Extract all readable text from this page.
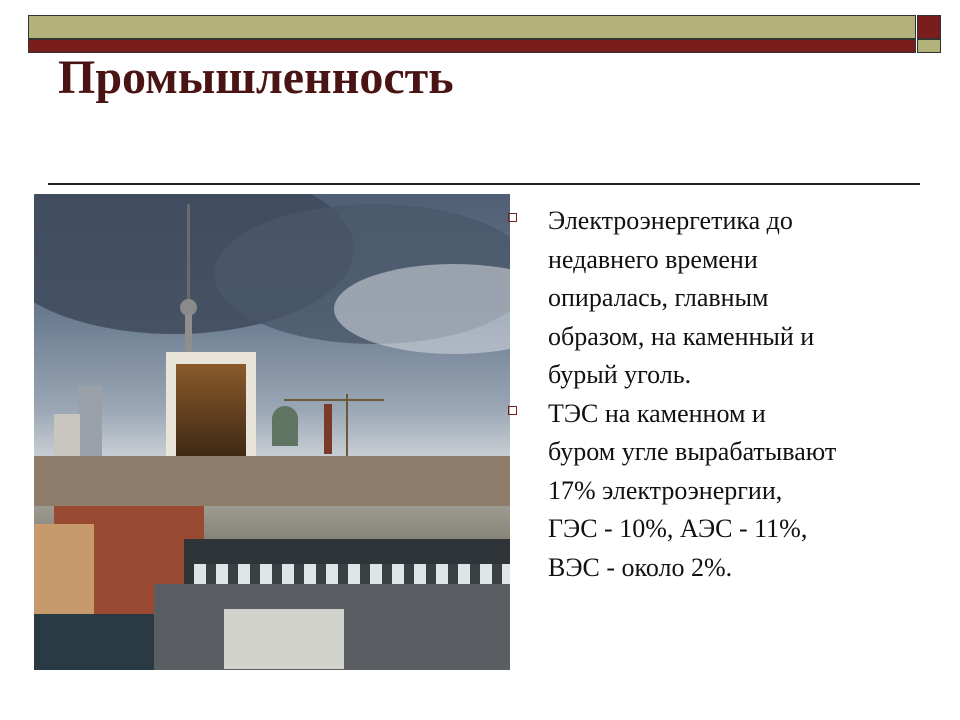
Промышленность
Электроэнергетика до
недавнего времени
опиралась, главным
образом, на каменный и
бурый уголь.
ТЭС на каменном и
буром угле вырабатывают
17% электроэнергии,
ГЭС - 10%, АЭС - 11%,
ВЭС - около 2%.
